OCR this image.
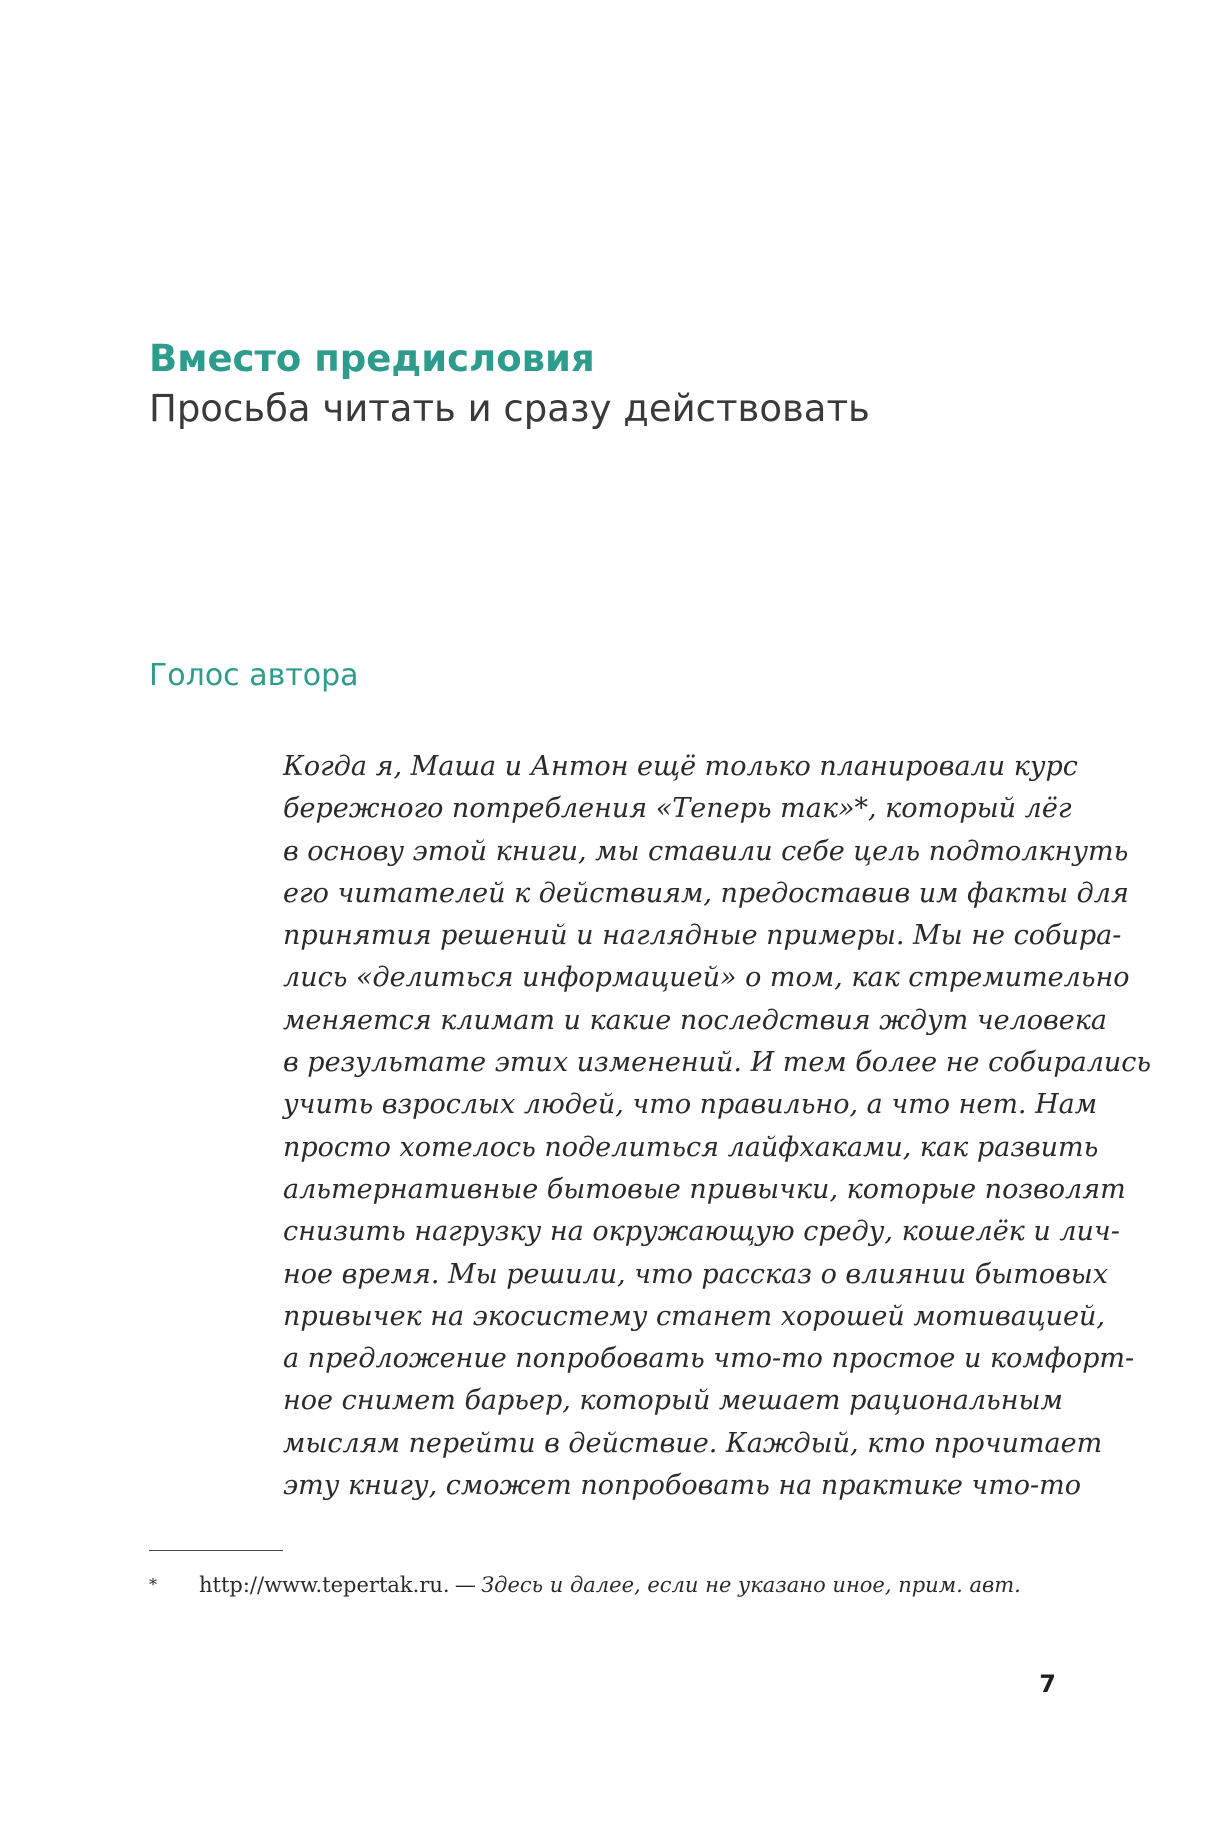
Вместо предисловия
Просьба читать и сразу действовать
Голос автора
Когда я, Маша и Антон ещё только планировали курс
бережного потребления «Теперь так»*, который лёг
в основу этой книги, мы ставили себе цель подтолкнуть
его читателей к действиям, предоставив им факты для
принятия решений и наглядные примеры. Мы не собира-
лись «делиться информацией» о том, как стремительно
меняется климат и какие последствия ждут человека
в результате этих изменений. И тем более не собирались
учить взрослых людей, что правильно, а что нет. Нам
просто хотелось поделиться лайфхаками, как развить
альтернативные бытовые привычки, которые позволят
снизить нагрузку на окружающую среду, кошелёк и лич-
ное время. Мы решили, что рассказ о влиянии бытовых
привычек на экосистему станет хорошей мотивацией,
а предложение попробовать что-то простое и комфорт-
ное снимет барьер, который мешает рациональным
мыслям перейти в действие. Каждый, кто прочитает
эту книгу, сможет попробовать на практике что-то
* http://www.tepertak.ru. — Здесь и далее, если не указано иное, прим. авт.
7
